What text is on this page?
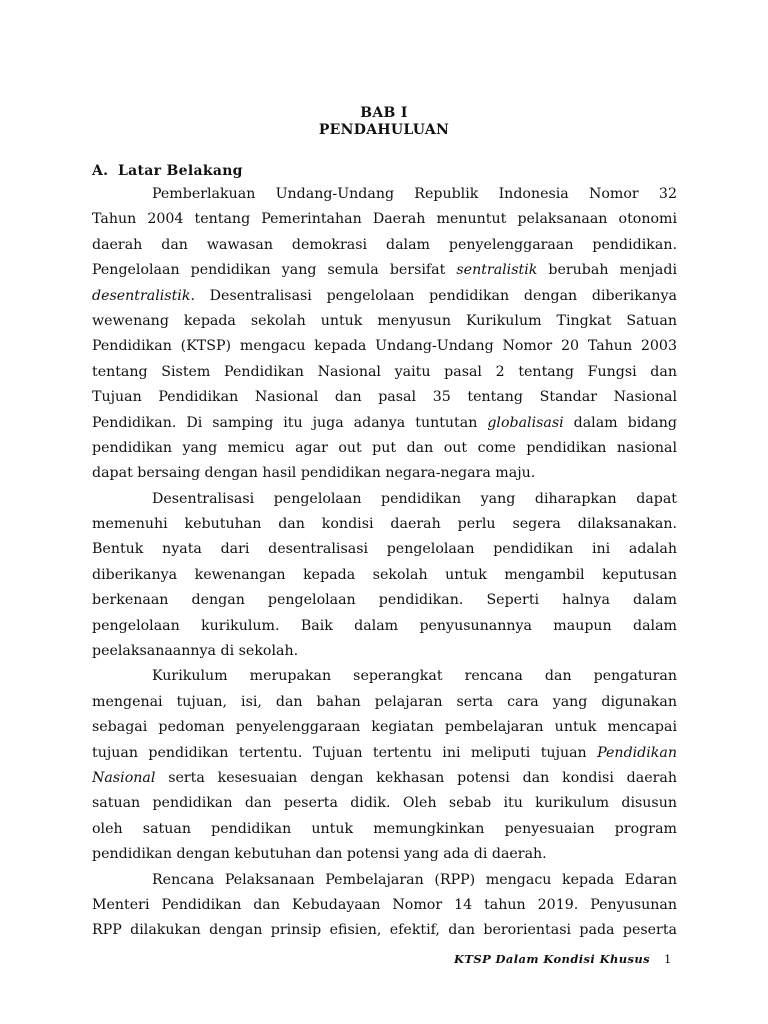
BAB I
PENDAHULUAN
A. Latar Belakang
Pemberlakuan Undang-Undang Republik Indonesia Nomor 32
Tahun 2004 tentang Pemerintahan Daerah menuntut pelaksanaan otonomi
daerah dan wawasan demokrasi dalam penyelenggaraan pendidikan.
Pengelolaan pendidikan yang semula bersifat sentralistik berubah menjadi
desentralistik. Desentralisasi pengelolaan pendidikan dengan diberikanya
wewenang kepada sekolah untuk menyusun Kurikulum Tingkat Satuan
Pendidikan (KTSP) mengacu kepada Undang-Undang Nomor 20 Tahun 2003
tentang Sistem Pendidikan Nasional yaitu pasal 2 tentang Fungsi dan
Tujuan Pendidikan Nasional dan pasal 35 tentang Standar Nasional
Pendidikan. Di samping itu juga adanya tuntutan globalisasi dalam bidang
pendidikan yang memicu agar out put dan out come pendidikan nasional
dapat bersaing dengan hasil pendidikan negara-negara maju.
Desentralisasi pengelolaan pendidikan yang diharapkan dapat
memenuhi kebutuhan dan kondisi daerah perlu segera dilaksanakan.
Bentuk nyata dari desentralisasi pengelolaan pendidikan ini adalah
diberikanya kewenangan kepada sekolah untuk mengambil keputusan
berkenaan dengan pengelolaan pendidikan. Seperti halnya dalam
pengelolaan kurikulum. Baik dalam penyusunannya maupun dalam
peelaksanaannya di sekolah.
Kurikulum merupakan seperangkat rencana dan pengaturan
mengenai tujuan, isi, dan bahan pelajaran serta cara yang digunakan
sebagai pedoman penyelenggaraan kegiatan pembelajaran untuk mencapai
tujuan pendidikan tertentu. Tujuan tertentu ini meliputi tujuan Pendidikan
Nasional serta kesesuaian dengan kekhasan potensi dan kondisi daerah
satuan pendidikan dan peserta didik. Oleh sebab itu kurikulum disusun
oleh satuan pendidikan untuk memungkinkan penyesuaian program
pendidikan dengan kebutuhan dan potensi yang ada di daerah.
Rencana Pelaksanaan Pembelajaran (RPP) mengacu kepada Edaran
Menteri Pendidikan dan Kebudayaan Nomor 14 tahun 2019. Penyusunan
RPP dilakukan dengan prinsip efisien, efektif, dan berorientasi pada peserta
KTSP Dalam Kondisi Khusus 1
